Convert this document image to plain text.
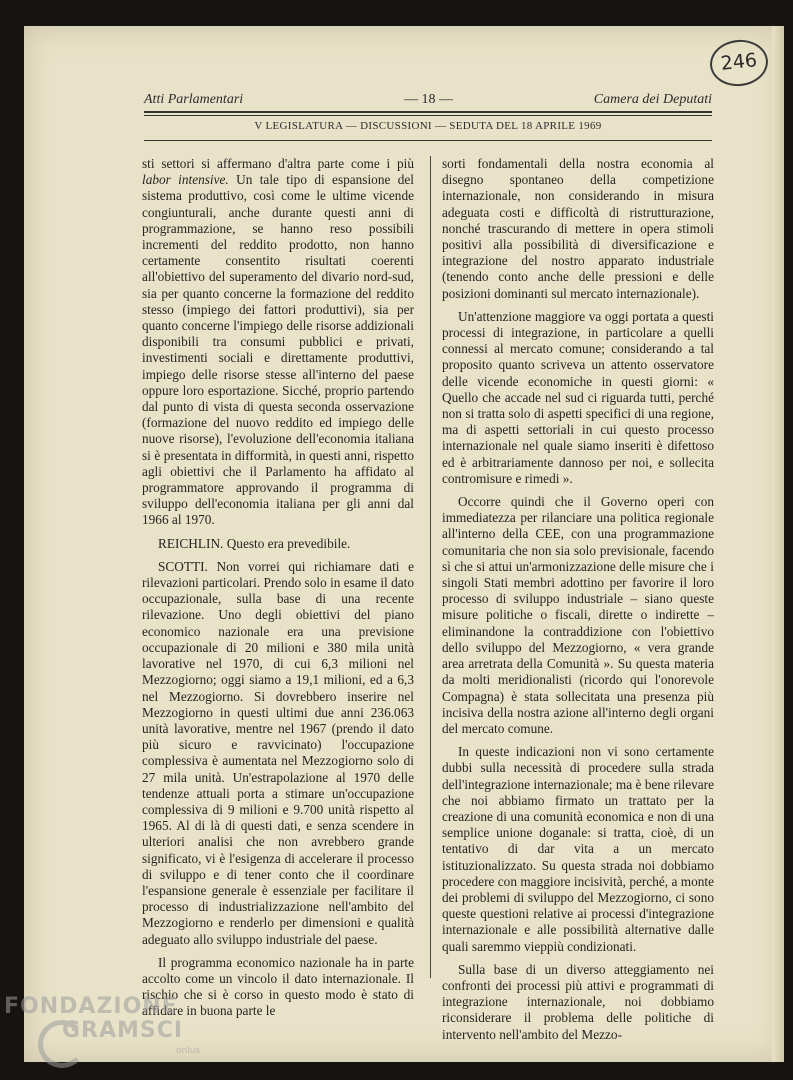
246
Atti Parlamentari	— 18 —	Camera dei Deputati
V LEGISLATURA — DISCUSSIONI — SEDUTA DEL 18 APRILE 1969

sti settori si affermano d'altra parte come i più labor intensive. Un tale tipo di espansione del sistema produttivo, così come le ultime vicende congiunturali, anche durante questi anni di programmazione, se hanno reso possibili incrementi del reddito prodotto, non hanno certamente consentito risultati coerenti all'obiettivo del superamento del divario nord-sud, sia per quanto concerne la formazione del reddito stesso (impiego dei fattori produttivi), sia per quanto concerne l'impiego delle risorse addizionali disponibili tra consumi pubblici e privati, investimenti sociali e direttamente produttivi, impiego delle risorse stesse all'interno del paese oppure loro esportazione. Sicché, proprio partendo dal punto di vista di questa seconda osservazione (formazione del nuovo reddito ed impiego delle nuove risorse), l'evoluzione dell'economia italiana si è presentata in difformità, in questi anni, rispetto agli obiettivi che il Parlamento ha affidato al programmatore approvando il programma di sviluppo dell'economia italiana per gli anni dal 1966 al 1970.

REICHLIN. Questo era prevedibile.

SCOTTI. Non vorrei qui richiamare dati e rilevazioni particolari. Prendo solo in esame il dato occupazionale, sulla base di una recente rilevazione. Uno degli obiettivi del piano economico nazionale era una previsione occupazionale di 20 milioni e 380 mila unità lavorative nel 1970, di cui 6,3 milioni nel Mezzogiorno; oggi siamo a 19,1 milioni, ed a 6,3 nel Mezzogiorno. Si dovrebbero inserire nel Mezzogiorno in questi ultimi due anni 236.063 unità lavorative, mentre nel 1967 (prendo il dato più sicuro e ravvicinato) l'occupazione complessiva è aumentata nel Mezzogiorno solo di 27 mila unità. Un'estrapolazione al 1970 delle tendenze attuali porta a stimare un'occupazione complessiva di 9 milioni e 9.700 unità rispetto al 1965. Al di là di questi dati, e senza scendere in ulteriori analisi che non avrebbero grande significato, vi è l'esigenza di accelerare il processo di sviluppo e di tener conto che il coordinare l'espansione generale è essenziale per facilitare il processo di industrializzazione nell'ambito del Mezzogiorno e renderlo per dimensioni e qualità adeguato allo sviluppo industriale del paese.

Il programma economico nazionale ha in parte accolto come un vincolo il dato internazionale. Il rischio che si è corso in questo modo è stato di affidare in buona parte le

sorti fondamentali della nostra economia al disegno spontaneo della competizione internazionale, non considerando in misura adeguata costi e difficoltà di ristrutturazione, nonché trascurando di mettere in opera stimoli positivi alla possibilità di diversificazione e integrazione del nostro apparato industriale (tenendo conto anche delle pressioni e delle posizioni dominanti sul mercato internazionale).

Un'attenzione maggiore va oggi portata a questi processi di integrazione, in particolare a quelli connessi al mercato comune; considerando a tal proposito quanto scriveva un attento osservatore delle vicende economiche in questi giorni: « Quello che accade nel sud ci riguarda tutti, perché non si tratta solo di aspetti specifici di una regione, ma di aspetti settoriali in cui questo processo internazionale nel quale siamo inseriti è difettoso ed è arbitrariamente dannoso per noi, e sollecita contromisure e rimedi ».

Occorre quindi che il Governo operi con immediatezza per rilanciare una politica regionale all'interno della CEE, con una programmazione comunitaria che non sia solo previsionale, facendo sì che si attui un'armonizzazione delle misure che i singoli Stati membri adottino per favorire il loro processo di sviluppo industriale – siano queste misure politiche o fiscali, dirette o indirette – eliminandone la contraddizione con l'obiettivo dello sviluppo del Mezzogiorno, « vera grande area arretrata della Comunità ». Su questa materia da molti meridionalisti (ricordo qui l'onorevole Compagna) è stata sollecitata una presenza più incisiva della nostra azione all'interno degli organi del mercato comune.

In queste indicazioni non vi sono certamente dubbi sulla necessità di procedere sulla strada dell'integrazione internazionale; ma è bene rilevare che noi abbiamo firmato un trattato per la creazione di una comunità economica e non di una semplice unione doganale: si tratta, cioè, di un tentativo di dar vita a un mercato istituzionalizzato. Su questa strada noi dobbiamo procedere con maggiore incisività, perché, a monte dei problemi di sviluppo del Mezzogiorno, ci sono queste questioni relative ai processi d'integrazione internazionale e alle possibilità alternative dalle quali saremmo vieppiù condizionati.

Sulla base di un diverso atteggiamento nei confronti dei processi più attivi e programmati di integrazione internazionale, noi dobbiamo riconsiderare il problema delle politiche di intervento nell'ambito del Mezzo-

FONDAZIONE
GRAMSCI
onlus
